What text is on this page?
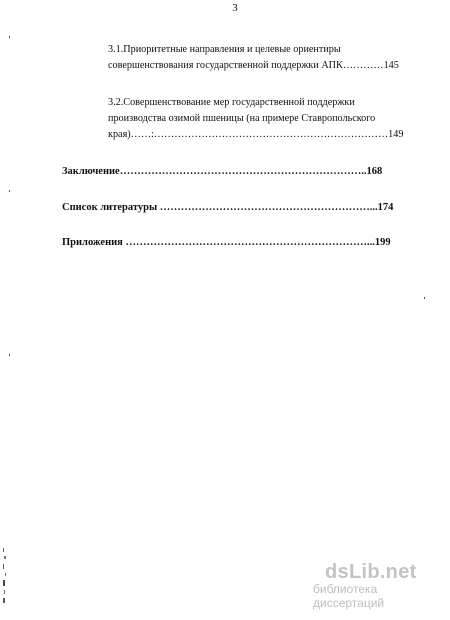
3
3.1.Приоритетные направления и целевые ориентиры
совершенствования государственной поддержки АПК…………145
3.2.Совершенствование мер государственной поддержки
производства озимой пшеницы (на примере Ставропольского
края)……:……………………………………………………………149
Заключение……………………………………………………………..168
Список литературы ……………………………………………………...174
Приложения ……………………………………………………………...199
dsLib.net
библиотека диссертаций
